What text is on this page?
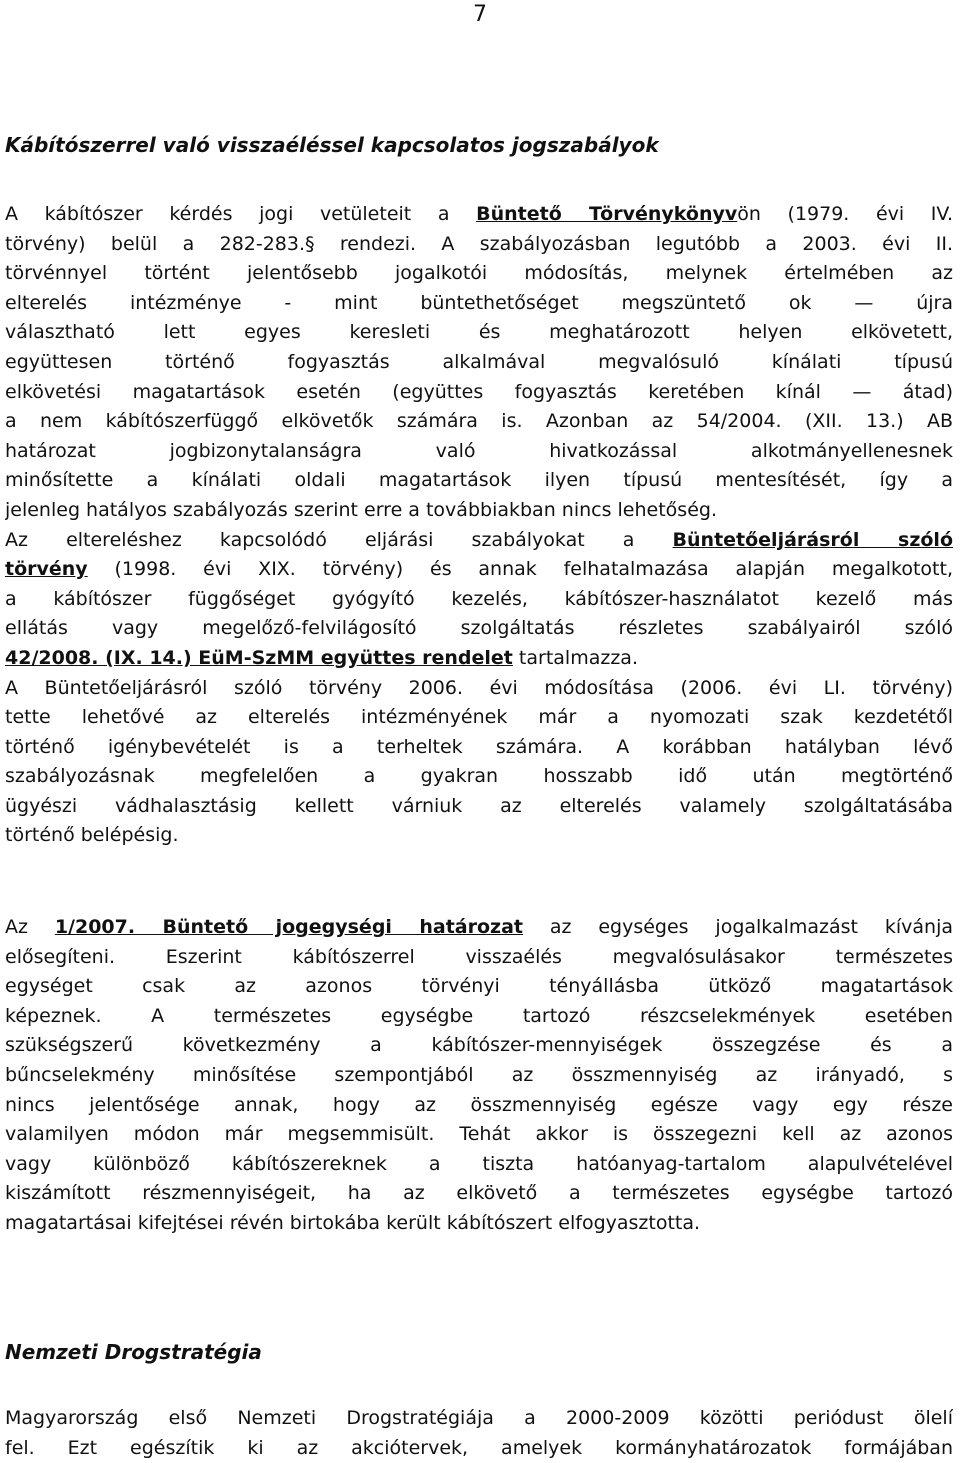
7
Kábítószerrel való visszaéléssel kapcsolatos jogszabályok
A kábítószer kérdés jogi vetületeit a Büntető Törvénykönyvön (1979. évi IV.
törvény) belül a 282-283.§ rendezi. A szabályozásban legutóbb a 2003. évi II.
törvénnyel történt jelentősebb jogalkotói módosítás, melynek értelmében az
elterelés intézménye - mint büntethetőséget megszüntető ok — újra
választható lett egyes keresleti és meghatározott helyen elkövetett,
együttesen történő fogyasztás alkalmával megvalósuló kínálati típusú
elkövetési magatartások esetén (együttes fogyasztás keretében kínál — átad)
a nem kábítószerfüggő elkövetők számára is. Azonban az 54/2004. (XII. 13.) AB
határozat jogbizonytalanságra való hivatkozással alkotmányellenesnek
minősítette a kínálati oldali magatartások ilyen típusú mentesítését, így a
jelenleg hatályos szabályozás szerint erre a továbbiakban nincs lehetőség.
Az eltereléshez kapcsolódó eljárási szabályokat a Büntetőeljárásról szóló
törvény (1998. évi XIX. törvény) és annak felhatalmazása alapján megalkotott,
a kábítószer függőséget gyógyító kezelés, kábítószer-használatot kezelő más
ellátás vagy megelőző-felvilágosító szolgáltatás részletes szabályairól szóló
42/2008. (IX. 14.) EüM-SzMM együttes rendelet tartalmazza.
A Büntetőeljárásról szóló törvény 2006. évi módosítása (2006. évi LI. törvény)
tette lehetővé az elterelés intézményének már a nyomozati szak kezdetétől
történő igénybevételét is a terheltek számára. A korábban hatályban lévő
szabályozásnak megfelelően a gyakran hosszabb idő után megtörténő
ügyészi vádhalasztásig kellett várniuk az elterelés valamely szolgáltatásába
történő belépésig.
Az 1/2007. Büntető jogegységi határozat az egységes jogalkalmazást kívánja
elősegíteni. Eszerint kábítószerrel visszaélés megvalósulásakor természetes
egységet csak az azonos törvényi tényállásba ütköző magatartások
képeznek. A természetes egységbe tartozó részcselekmények esetében
szükségszerű következmény a kábítószer-mennyiségek összegzése és a
bűncselekmény minősítése szempontjából az összmennyiség az irányadó, s
nincs jelentősége annak, hogy az összmennyiség egésze vagy egy része
valamilyen módon már megsemmisült. Tehát akkor is összegezni kell az azonos
vagy különböző kábítószereknek a tiszta hatóanyag-tartalom alapulvételével
kiszámított részmennyiségeit, ha az elkövető a természetes egységbe tartozó
magatartásai kifejtései révén birtokába került kábítószert elfogyasztotta.
Nemzeti Drogstratégia
Magyarország első Nemzeti Drogstratégiája a 2000-2009 közötti periódust ölelí
fel. Ezt egészítik ki az akciótervek, amelyek kormányhatározatok formájában
